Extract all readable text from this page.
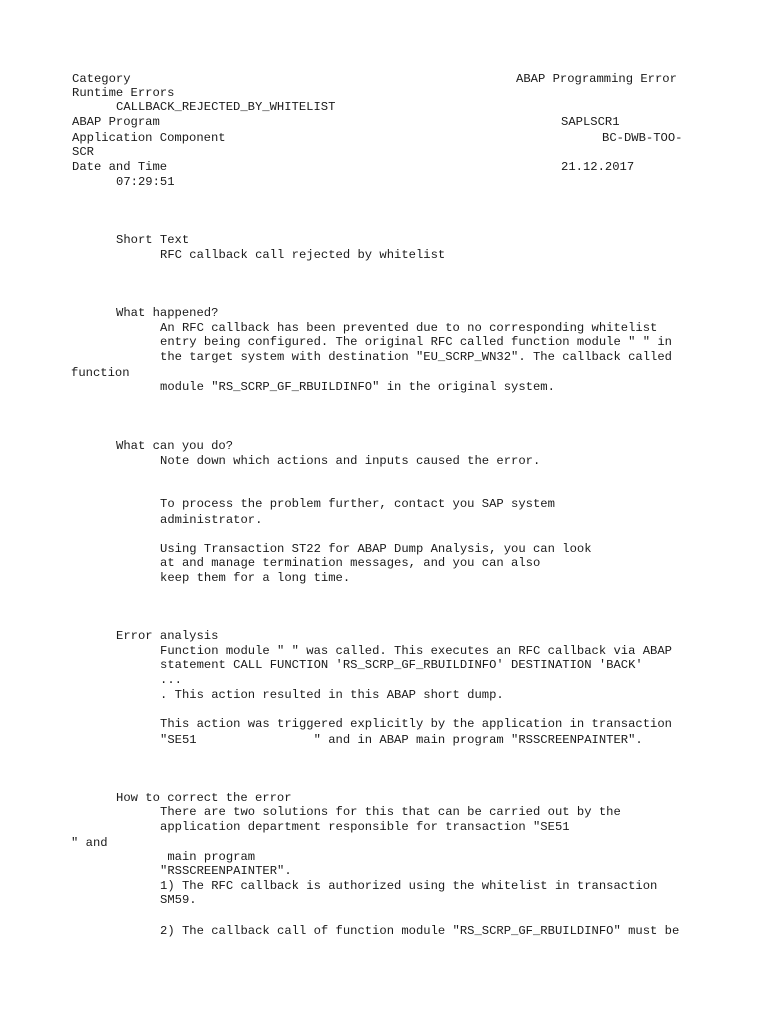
Category	ABAP Programming Error
Runtime Errors
CALLBACK_REJECTED_BY_WHITELIST
ABAP Program	SAPLSCR1
Application Component	BC-DWB-TOO-
SCR
Date and Time	21.12.2017
07:29:51
Short Text
RFC callback call rejected by whitelist
What happened?
An RFC callback has been prevented due to no corresponding whitelist
entry being configured. The original RFC called function module " " in
the target system with destination "EU_SCRP_WN32". The callback called
function
module "RS_SCRP_GF_RBUILDINFO" in the original system.
What can you do?
Note down which actions and inputs caused the error.
To process the problem further, contact you SAP system
administrator.
Using Transaction ST22 for ABAP Dump Analysis, you can look
at and manage termination messages, and you can also
keep them for a long time.
Error analysis
Function module " " was called. This executes an RFC callback via ABAP
statement CALL FUNCTION 'RS_SCRP_GF_RBUILDINFO' DESTINATION 'BACK'
...
. This action resulted in this ABAP short dump.
This action was triggered explicitly by the application in transaction
"SE51                " and in ABAP main program "RSSCREENPAINTER".
How to correct the error
There are two solutions for this that can be carried out by the
application department responsible for transaction "SE51
" and
main program
"RSSCREENPAINTER".
1) The RFC callback is authorized using the whitelist in transaction
SM59.
2) The callback call of function module "RS_SCRP_GF_RBUILDINFO" must be
